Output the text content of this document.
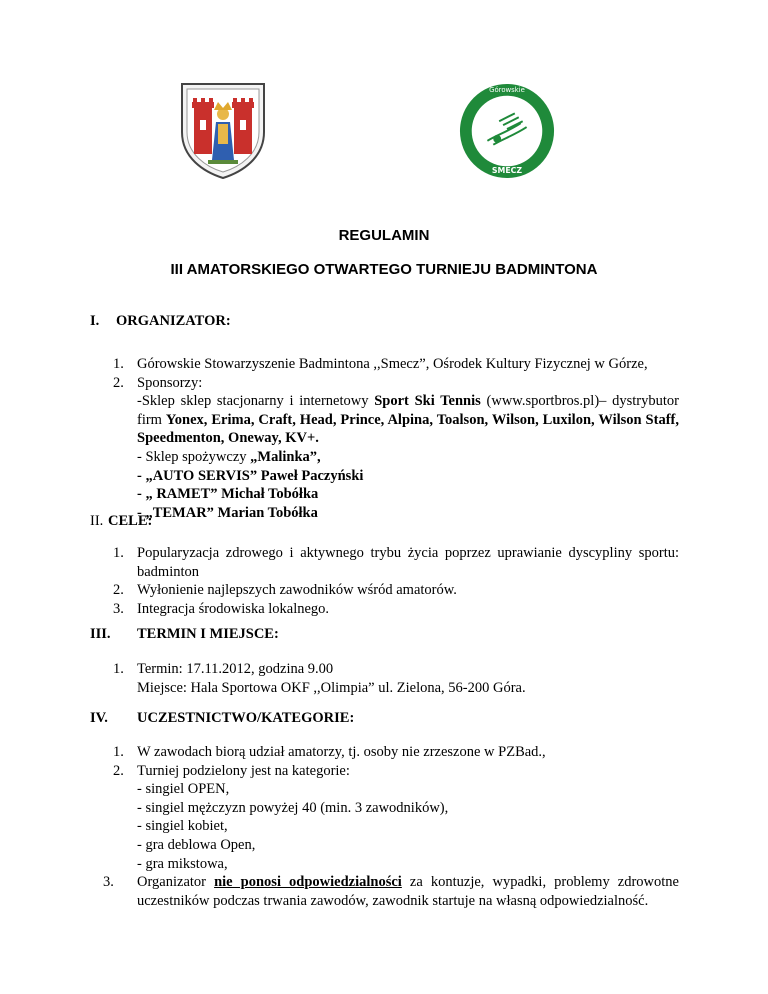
Górowskie
SMECZ
REGULAMIN
III AMATORSKIEGO OTWARTEGO TURNIEJU BADMINTONA
I. ORGANIZATOR:
1. Górowskie Stowarzyszenie Badmintona ,,Smecz”, Ośrodek Kultury Fizycznej w Górze,
2. Sponsorzy:
-Sklep sklep stacjonarny i internetowy Sport Ski Tennis (www.sportbros.pl)– dystrybutor firm Yonex, Erima, Craft, Head, Prince, Alpina, Toalson, Wilson, Luxilon, Wilson Staff, Speedmenton, Oneway, KV+.
- Sklep spożywczy „Malinka”,
- „AUTO SERVIS” Paweł Paczyński
- „ RAMET” Michał Tobółka
- „TEMAR” Marian Tobółka
II. CELE:
1. Popularyzacja zdrowego i aktywnego trybu życia poprzez uprawianie dyscypliny sportu: badminton
2. Wyłonienie najlepszych zawodników wśród amatorów.
3. Integracja środowiska lokalnego.
III. TERMIN I MIEJSCE:
1. Termin: 17.11.2012, godzina 9.00
Miejsce: Hala Sportowa OKF ,,Olimpia” ul. Zielona, 56-200 Góra.
IV. UCZESTNICTWO/KATEGORIE:
1. W zawodach biorą udział amatorzy, tj. osoby nie zrzeszone w PZBad.,
2. Turniej podzielony jest na kategorie:
- singiel OPEN,
- singiel mężczyzn powyżej 40 (min. 3 zawodników),
- singiel kobiet,
- gra deblowa Open,
- gra mikstowa,
3. Organizator nie ponosi odpowiedzialności za kontuzje, wypadki, problemy zdrowotne uczestników podczas trwania zawodów, zawodnik startuje na własną odpowiedzialność.
